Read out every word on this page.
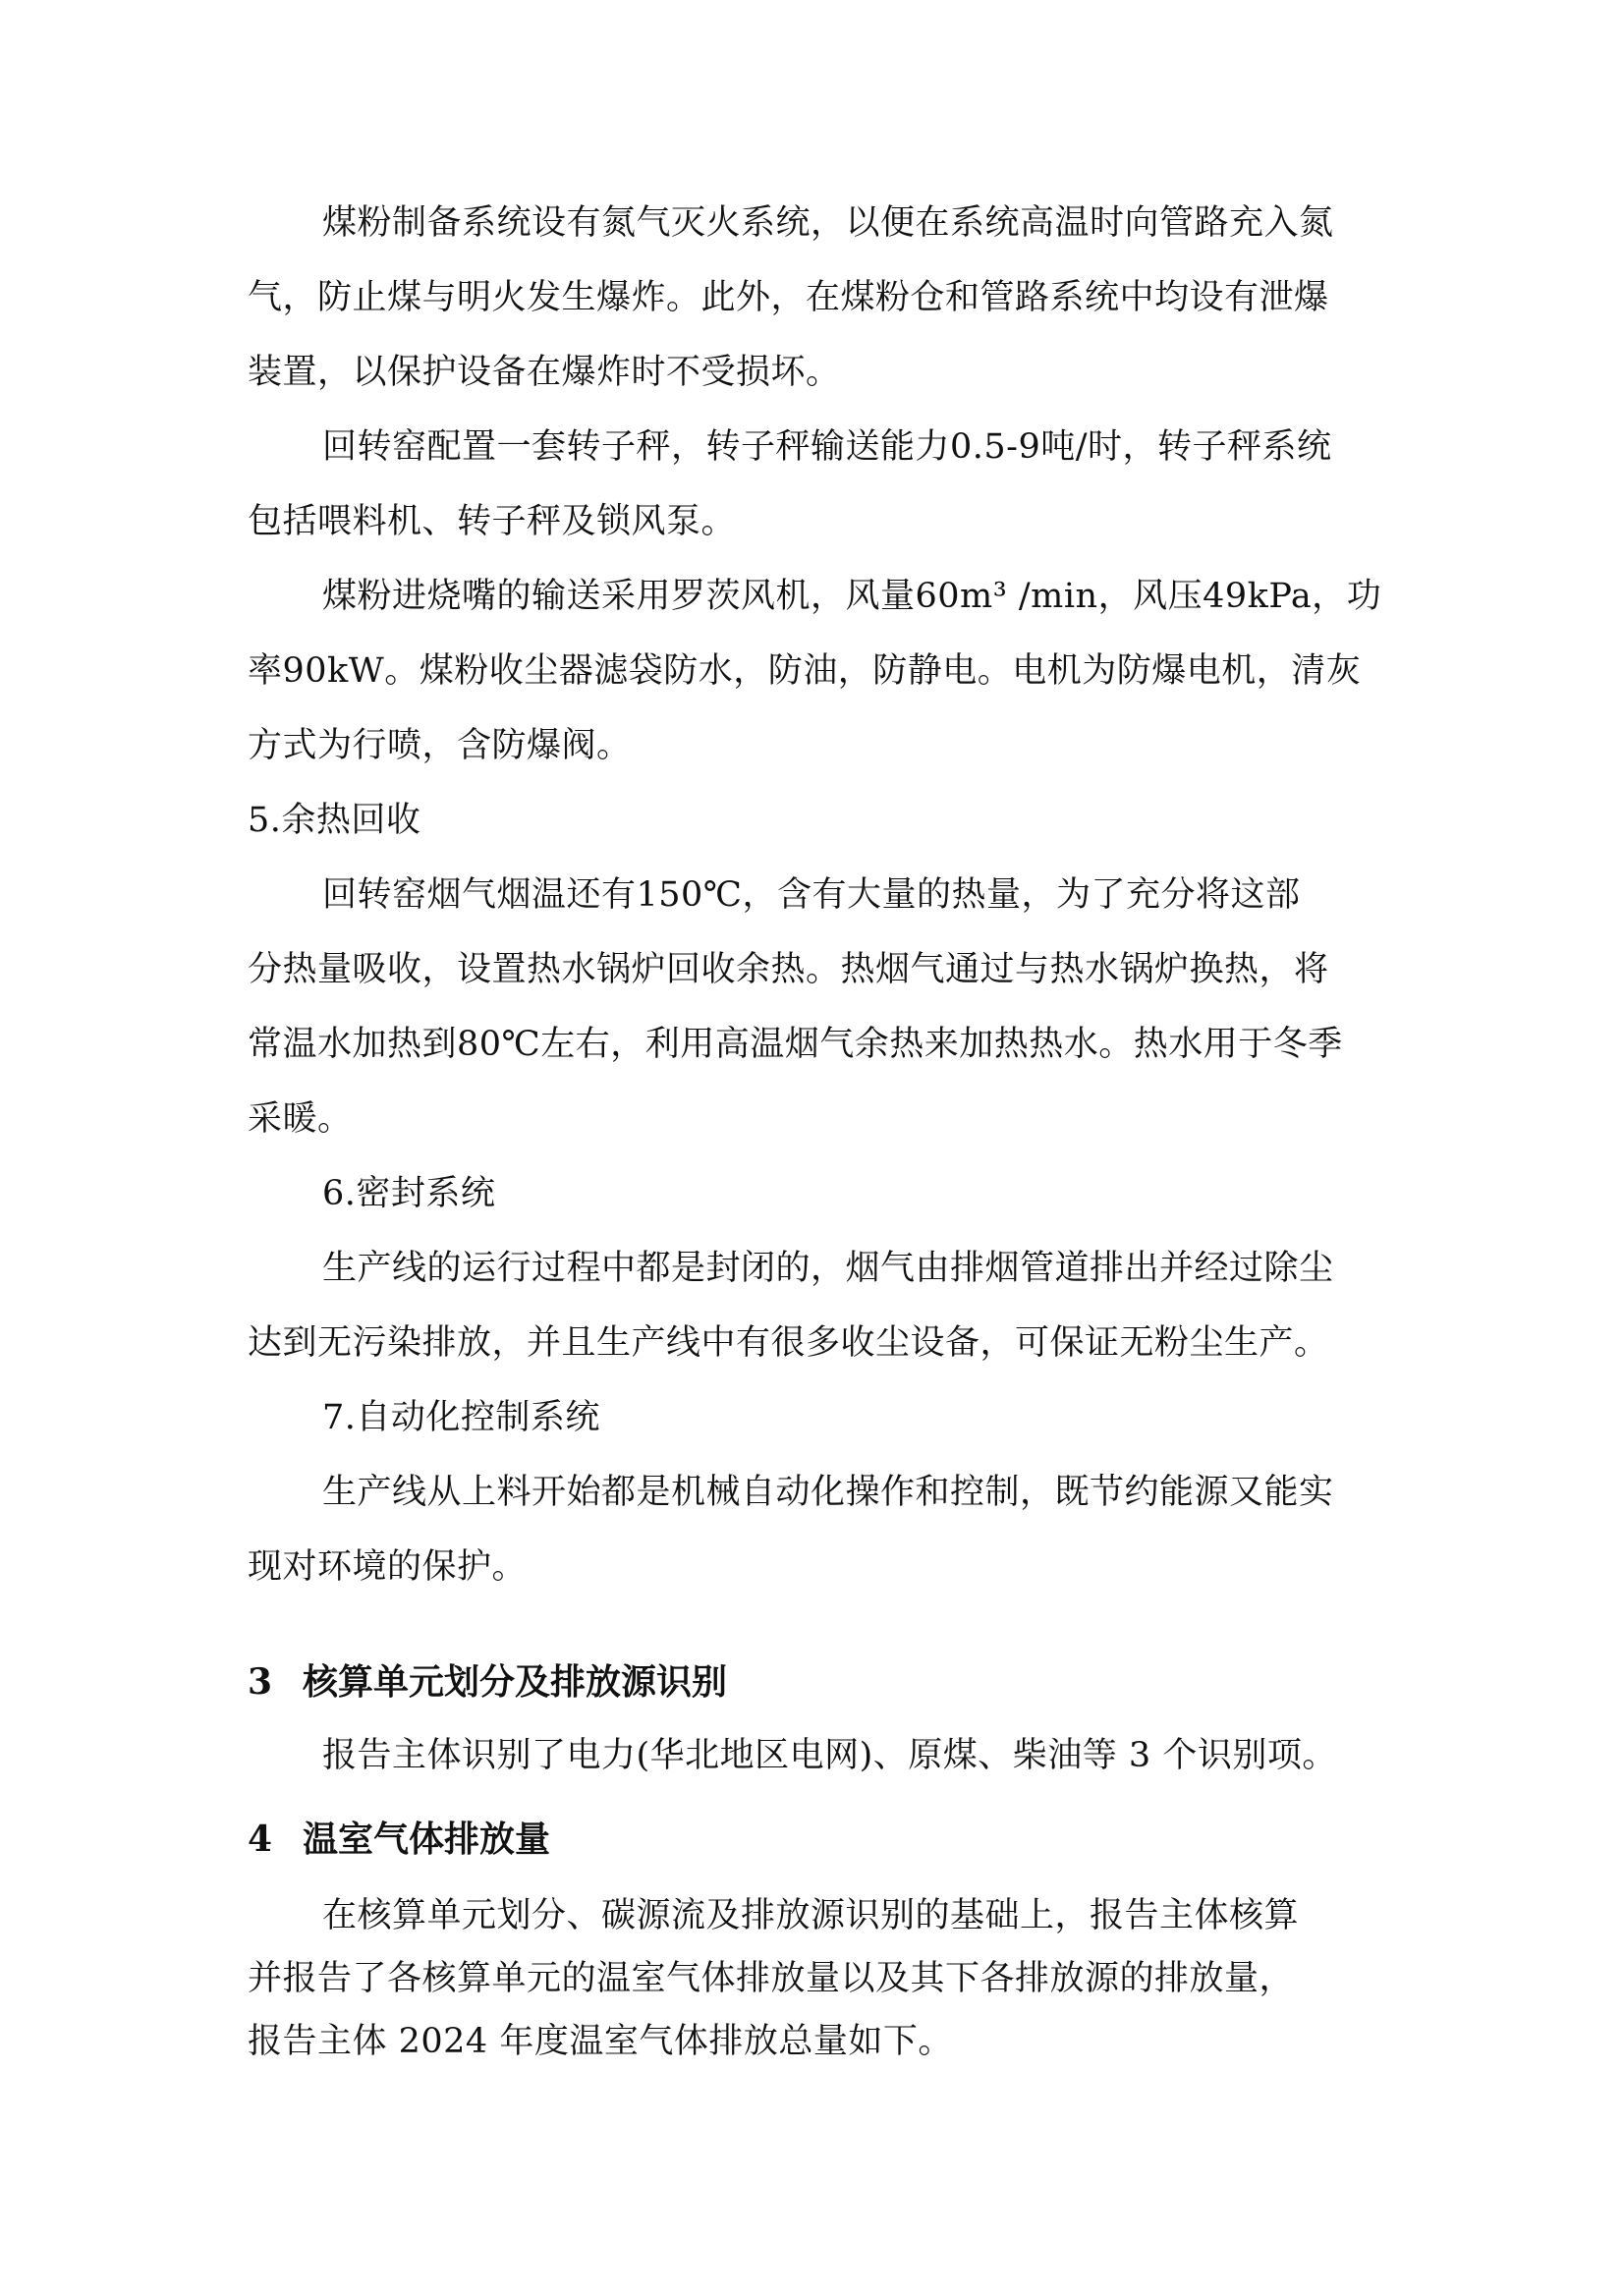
煤粉制备系统设有氮气灭火系统，以便在系统高温时向管路充入氮
气，防止煤与明火发生爆炸。此外，在煤粉仓和管路系统中均设有泄爆
装置，以保护设备在爆炸时不受损坏。
回转窑配置一套转子秤，转子秤输送能力0.5-9吨/时，转子秤系统
包括喂料机、转子秤及锁风泵。
煤粉进烧嘴的输送采用罗茨风机，风量60m³ /min，风压49kPa，功
率90kW。煤粉收尘器滤袋防水，防油，防静电。电机为防爆电机，清灰
方式为行喷，含防爆阀。
5.余热回收
回转窑烟气烟温还有150℃，含有大量的热量，为了充分将这部
分热量吸收，设置热水锅炉回收余热。热烟气通过与热水锅炉换热，将
常温水加热到80℃左右，利用高温烟气余热来加热热水。热水用于冬季
采暖。
6.密封系统
生产线的运行过程中都是封闭的，烟气由排烟管道排出并经过除尘
达到无污染排放，并且生产线中有很多收尘设备，可保证无粉尘生产。
7.自动化控制系统
生产线从上料开始都是机械自动化操作和控制，既节约能源又能实
现对环境的保护。
3 核算单元划分及排放源识别
报告主体识别了电力(华北地区电网)、原煤、柴油等 3 个识别项。
4 温室气体排放量
在核算单元划分、碳源流及排放源识别的基础上，报告主体核算
并报告了各核算单元的温室气体排放量以及其下各排放源的排放量，
报告主体 2024 年度温室气体排放总量如下。
